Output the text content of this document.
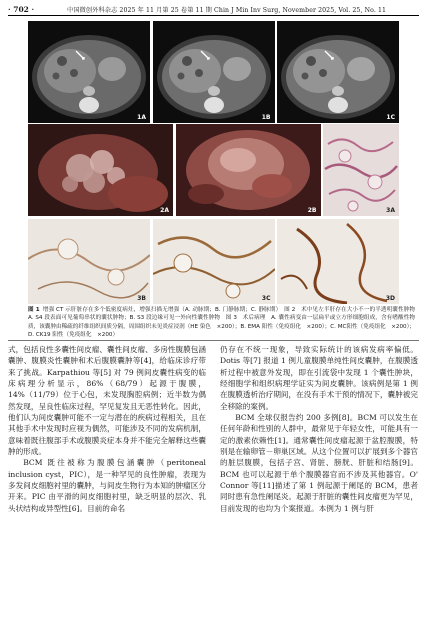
· 702 ·	中国微创外科杂志 2025 年 11 月第 25 卷第 11 期 Chin J Min Inv Surg, November 2025, Vol. 25, No. 11
1A	1B	1C
2A	2B	3A
3B	3C	3D
图 1 增强 CT 示肝脏存在多个低密度病灶，增强扫描无增强（A. 动脉期；B. 门静脉期；C. 静脉期）　图 2　术中见左半肝存在大小不一的半透明囊性肿物　A. S4 段表面可见葡萄串状的囊状肿物；B. S3 段边缘可见一外向性囊性肿物　图 3　术后病理　A. 囊性病变由一层扁平或立方形细胞组成，含有嗜酸性物质，该囊肿由稀疏的纤维组织间质分隔，周围组织未见炎症浸润（HE 染色　×200）；B. EMA 阳性（免疫组化　×200）；C. MC阳性（免疫组化　×200）；D. CK19 阳性（免疫组化　×200）

式，包括良性多囊性间皮瘤、囊性间皮瘤、多房性腹膜包涵囊肿、腹膜炎性囊肿和术后腹膜囊肿等[4]，给临床诊疗带来了挑战。Karpathiou 等[5] 对 79 例间皮囊性病变的临床病理分析显示，86%（68/79）起源于腹膜，14%（11/79）位于心包，未发现胸腔病例；近半数为偶然发现，呈良性临床过程，罕见复发且无恶性转化。因此，他们认为间皮囊肿可能不一定与潜在的疾病过程相关，且在其他手术中发现时应视为偶然，可能涉及不同的发病机制，意味着既往腹部手术或腹膜炎症本身并不能完全解释这些囊肿的形成。

BCM 既往被称为腹膜包涵囊肿（peritoneal inclusion cyst，PIC），是一种罕见的良性肿瘤，表现为多发间皮细胞衬里的囊肿，与间皮生物行为本知的肿瘤区分开来。PIC 由平滑的间皮细胞衬里，缺乏明显的层次、乳头状结构或异型性[6]。目前的命名

仍存在不统一现象，导致实际统计的该病发病率偏低。Dotis 等[7] 报道 1 例儿童腹膜单纯性间皮囊肿，在腹膜透析过程中被意外发现，即在引流袋中发现 1 个囊性肿块，经细胞学和组织病理学证实为间皮囊肿。该病例是第 1 例在腹膜透析治疗期间，在没有手术干预的情况下，囊肿被完全移除的案例。

BCM 全球仅报告约 200 多例[8]。BCM 可以发生在任何年龄和性别的人群中，最常见于年轻女性，可能具有一定的激素依赖性[1]。通常囊性间皮瘤起源于盆腔腹膜，特别是在输卵管－卵巢区域。从这个位置可以扩展到多个器官的脏层腹膜，包括子宫、肾脏、膀胱、肝脏和结肠[9]。BCM 也可以起源于单个腹膜器官而不涉及其他器官。O' Connor 等[11]描述了第 1 例起源于阑尾的 BCM，患者同时患有急性阑尾炎。起源于肝脏的囊性间皮瘤更为罕见，目前发现的也均为个案报道。本例为 1 例与肝
